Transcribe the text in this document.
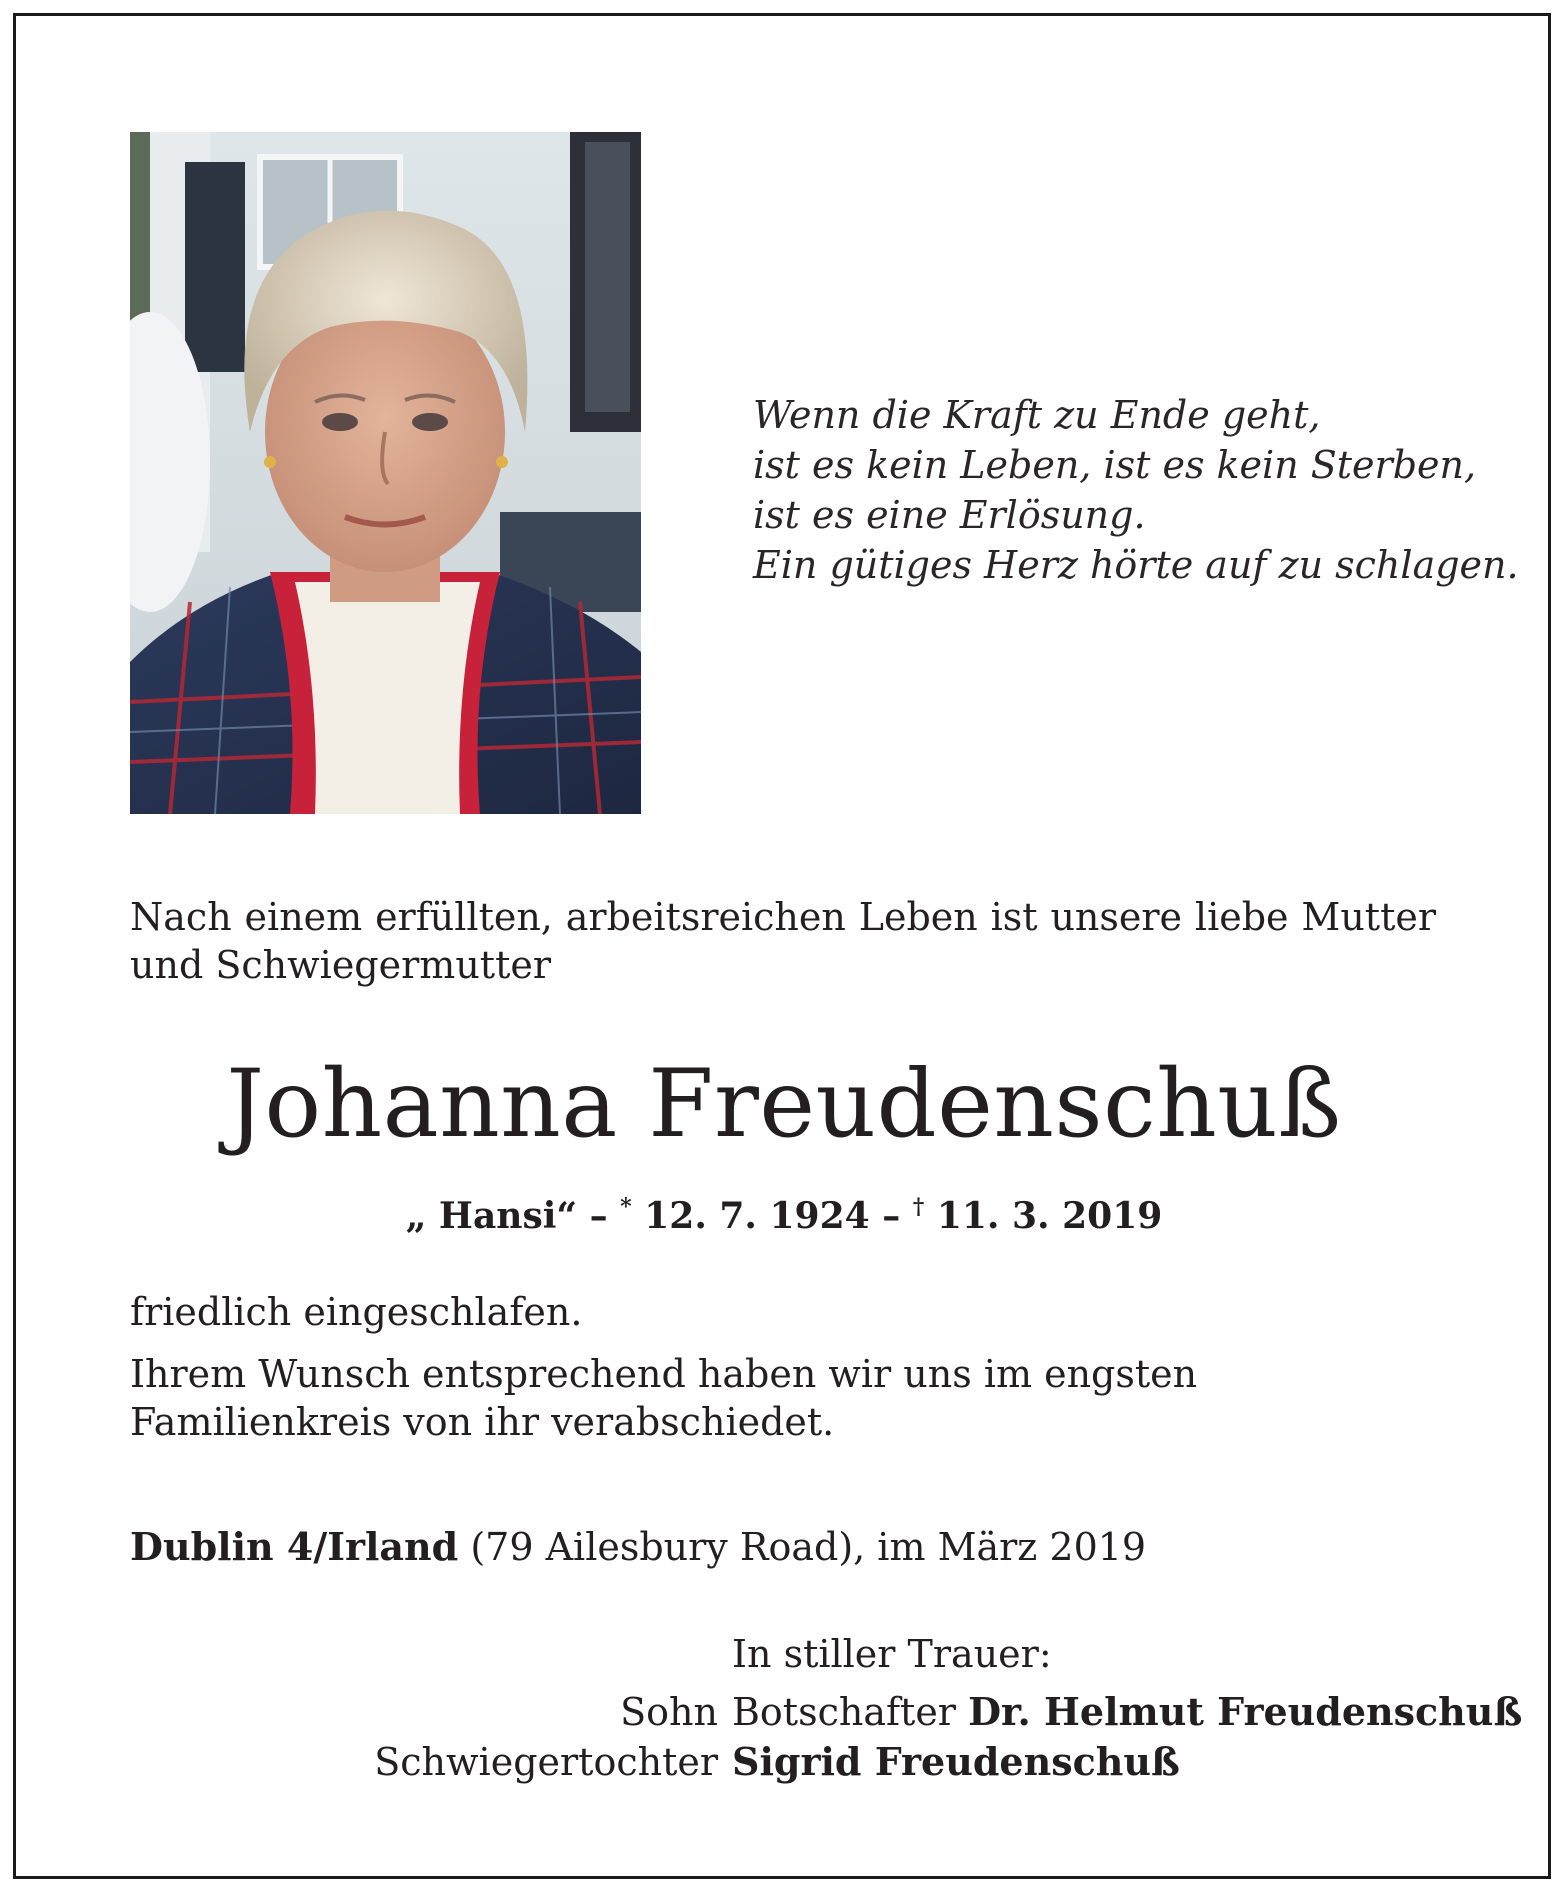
Wenn die Kraft zu Ende geht,
ist es kein Leben, ist es kein Sterben,
ist es eine Erlösung.
Ein gütiges Herz hörte auf zu schlagen.
Nach einem erfüllten, arbeitsreichen Leben ist unsere liebe Mutter und Schwiegermutter
Johanna Freudenschuß
„ Hansi“ – * 12. 7. 1924 – † 11. 3. 2019
friedlich eingeschlafen.
Ihrem Wunsch entsprechend haben wir uns im engsten Familienkreis von ihr verabschiedet.
Dublin 4/Irland (79 Ailesbury Road), im März 2019
In stiller Trauer:
Sohn Botschafter Dr. Helmut Freudenschuß
Schwiegertochter Sigrid Freudenschuß
